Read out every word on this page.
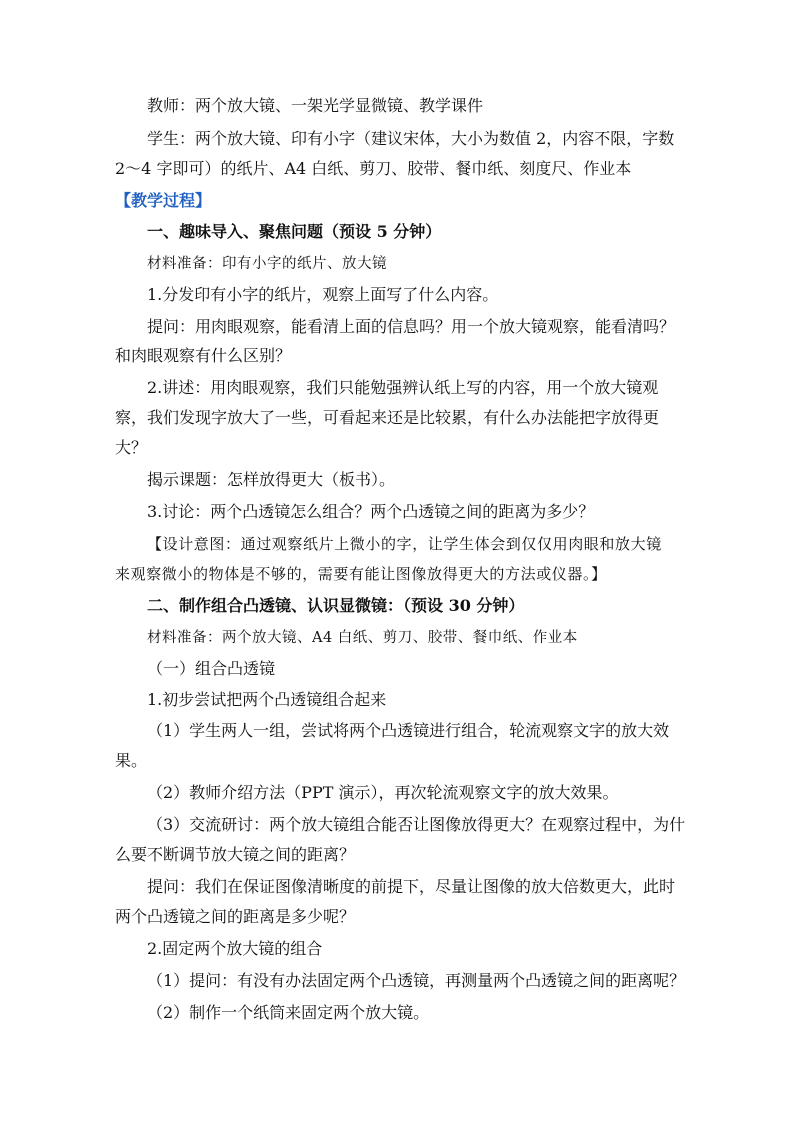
教师：两个放大镜、一架光学显微镜、教学课件
学生：两个放大镜、印有小字（建议宋体，大小为数值 2，内容不限，字数
2～4 字即可）的纸片、A4 白纸、剪刀、胶带、餐巾纸、刻度尺、作业本
【教学过程】
一、趣味导入、聚焦问题（预设 5 分钟）
材料准备：印有小字的纸片、放大镜
1.分发印有小字的纸片，观察上面写了什么内容。
提问：用肉眼观察，能看清上面的信息吗？用一个放大镜观察，能看清吗？
和肉眼观察有什么区别？
2.讲述：用肉眼观察，我们只能勉强辨认纸上写的内容，用一个放大镜观
察，我们发现字放大了一些，可看起来还是比较累，有什么办法能把字放得更
大？
揭示课题：怎样放得更大（板书）。
3.讨论：两个凸透镜怎么组合？两个凸透镜之间的距离为多少？
【设计意图：通过观察纸片上微小的字，让学生体会到仅仅用肉眼和放大镜
来观察微小的物体是不够的，需要有能让图像放得更大的方法或仪器。】
二、制作组合凸透镜、认识显微镜：（预设 30 分钟）
材料准备：两个放大镜、A4 白纸、剪刀、胶带、餐巾纸、作业本
（一）组合凸透镜
1.初步尝试把两个凸透镜组合起来
（1）学生两人一组，尝试将两个凸透镜进行组合，轮流观察文字的放大效
果。
（2）教师介绍方法（PPT 演示），再次轮流观察文字的放大效果。
（3）交流研讨：两个放大镜组合能否让图像放得更大？在观察过程中，为什
么要不断调节放大镜之间的距离？
提问：我们在保证图像清晰度的前提下，尽量让图像的放大倍数更大，此时
两个凸透镜之间的距离是多少呢？
2.固定两个放大镜的组合
（1）提问：有没有办法固定两个凸透镜，再测量两个凸透镜之间的距离呢？
（2）制作一个纸筒来固定两个放大镜。
